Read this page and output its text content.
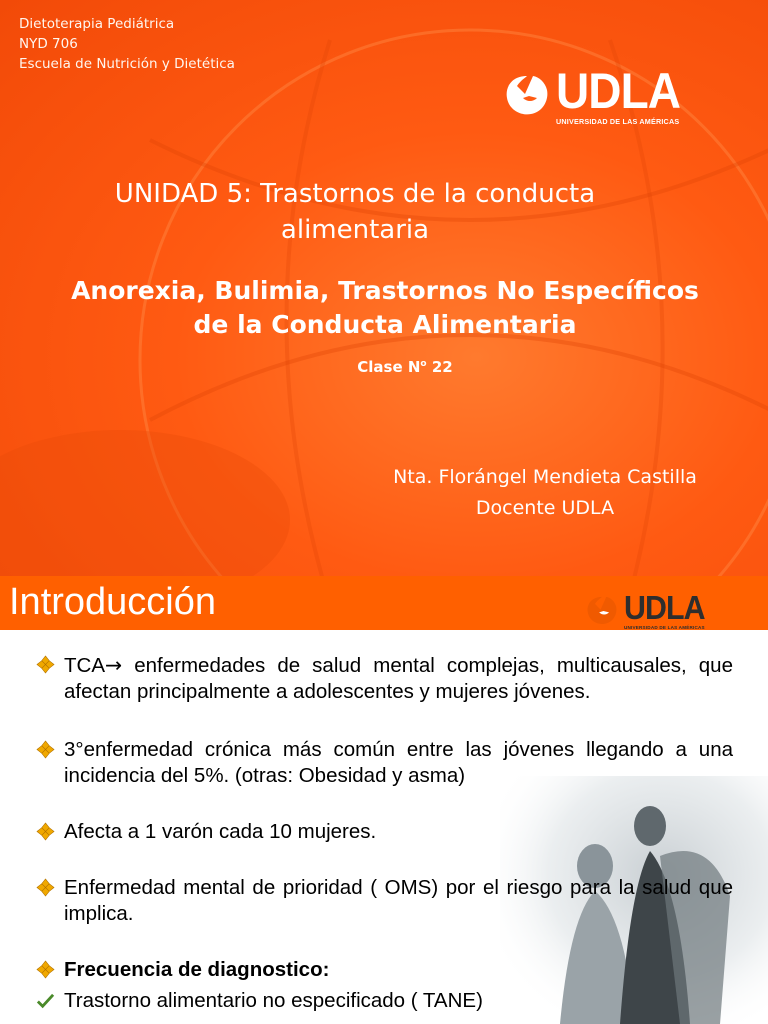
Dietoterapia Pediátrica
NYD 706
Escuela de Nutrición y Dietética	UDLA
UNIVERSIDAD DE LAS AMÉRICAS
UNIDAD 5: Trastornos de la conducta
alimentaria
Anorexia, Bulimia, Trastornos No Específicos
de la Conducta Alimentaria
Clase $N^o$ 22
Nta. Florángel Mendieta Castilla
Docente UDLA
Introducción	UDLA
UNIVERSIDAD DE LAS AMÉRICAS
TCA→ enfermedades de salud mental complejas, multicausales, que afectan principalmente a adolescentes y mujeres jóvenes.
3°enfermedad crónica más común entre las jóvenes llegando a una incidencia del 5%. (otras: Obesidad y asma)
Afecta a 1 varón cada 10 mujeres.
Enfermedad mental de prioridad ( OMS) por el riesgo para la salud que implica.
Frecuencia de diagnostico:
Trastorno alimentario no especificado ( TANE)
